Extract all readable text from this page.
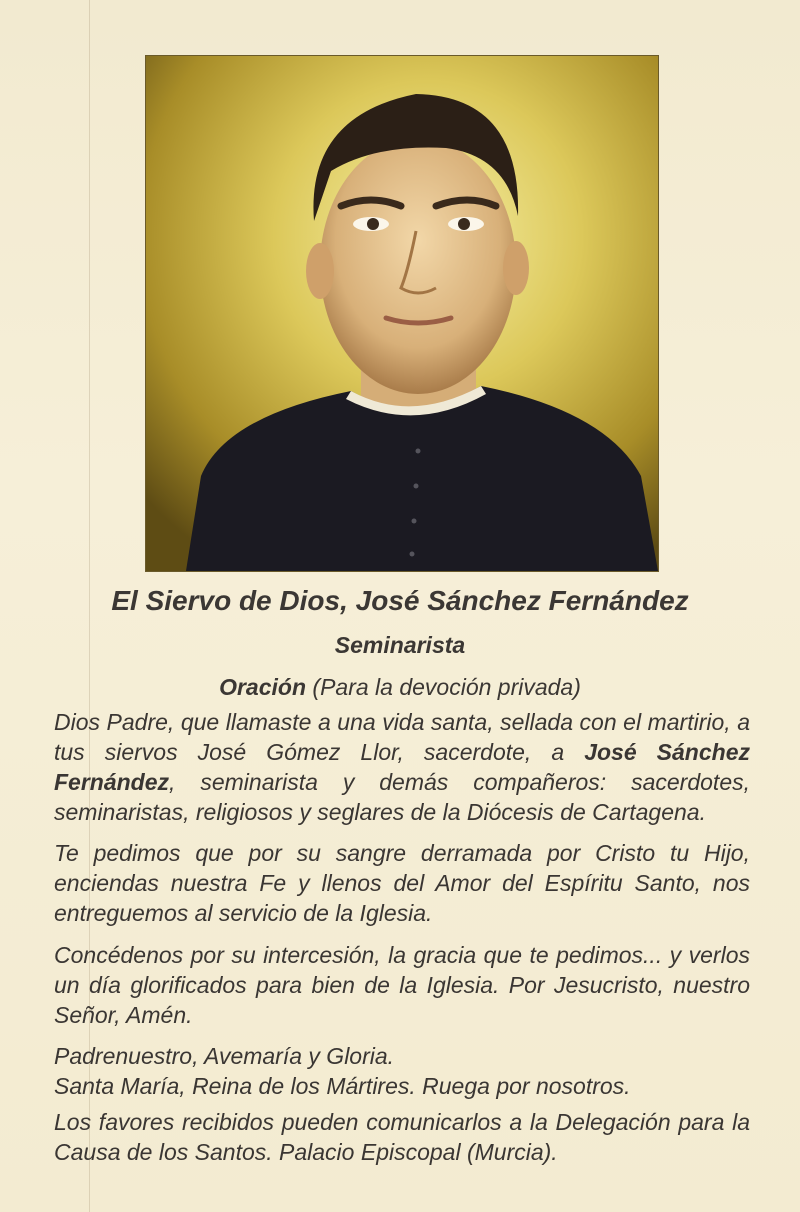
El Siervo de Dios, José Sánchez Fernández
Seminarista
Oración (Para la devoción privada)
Dios Padre, que llamaste a una vida santa, sellada con el martirio, a tus siervos José Gómez Llor, sacerdote, a José Sánchez Fernández, seminarista y demás compañeros: sacerdotes, seminaristas, religiosos y seglares de la Diócesis de Cartagena.
Te pedimos que por su sangre derramada por Cristo tu Hijo, enciendas nuestra Fe y llenos del Amor del Espíritu Santo, nos entreguemos al servicio de la Iglesia.
Concédenos por su intercesión, la gracia que te pedimos... y verlos un día glorificados para bien de la Iglesia. Por Jesucristo, nuestro Señor, Amén.
Padrenuestro, Avemaría y Gloria.
Santa María, Reina de los Mártires. Ruega por nosotros.
Los favores recibidos pueden comunicarlos a la Delegación para la Causa de los Santos. Palacio Episcopal (Murcia).
